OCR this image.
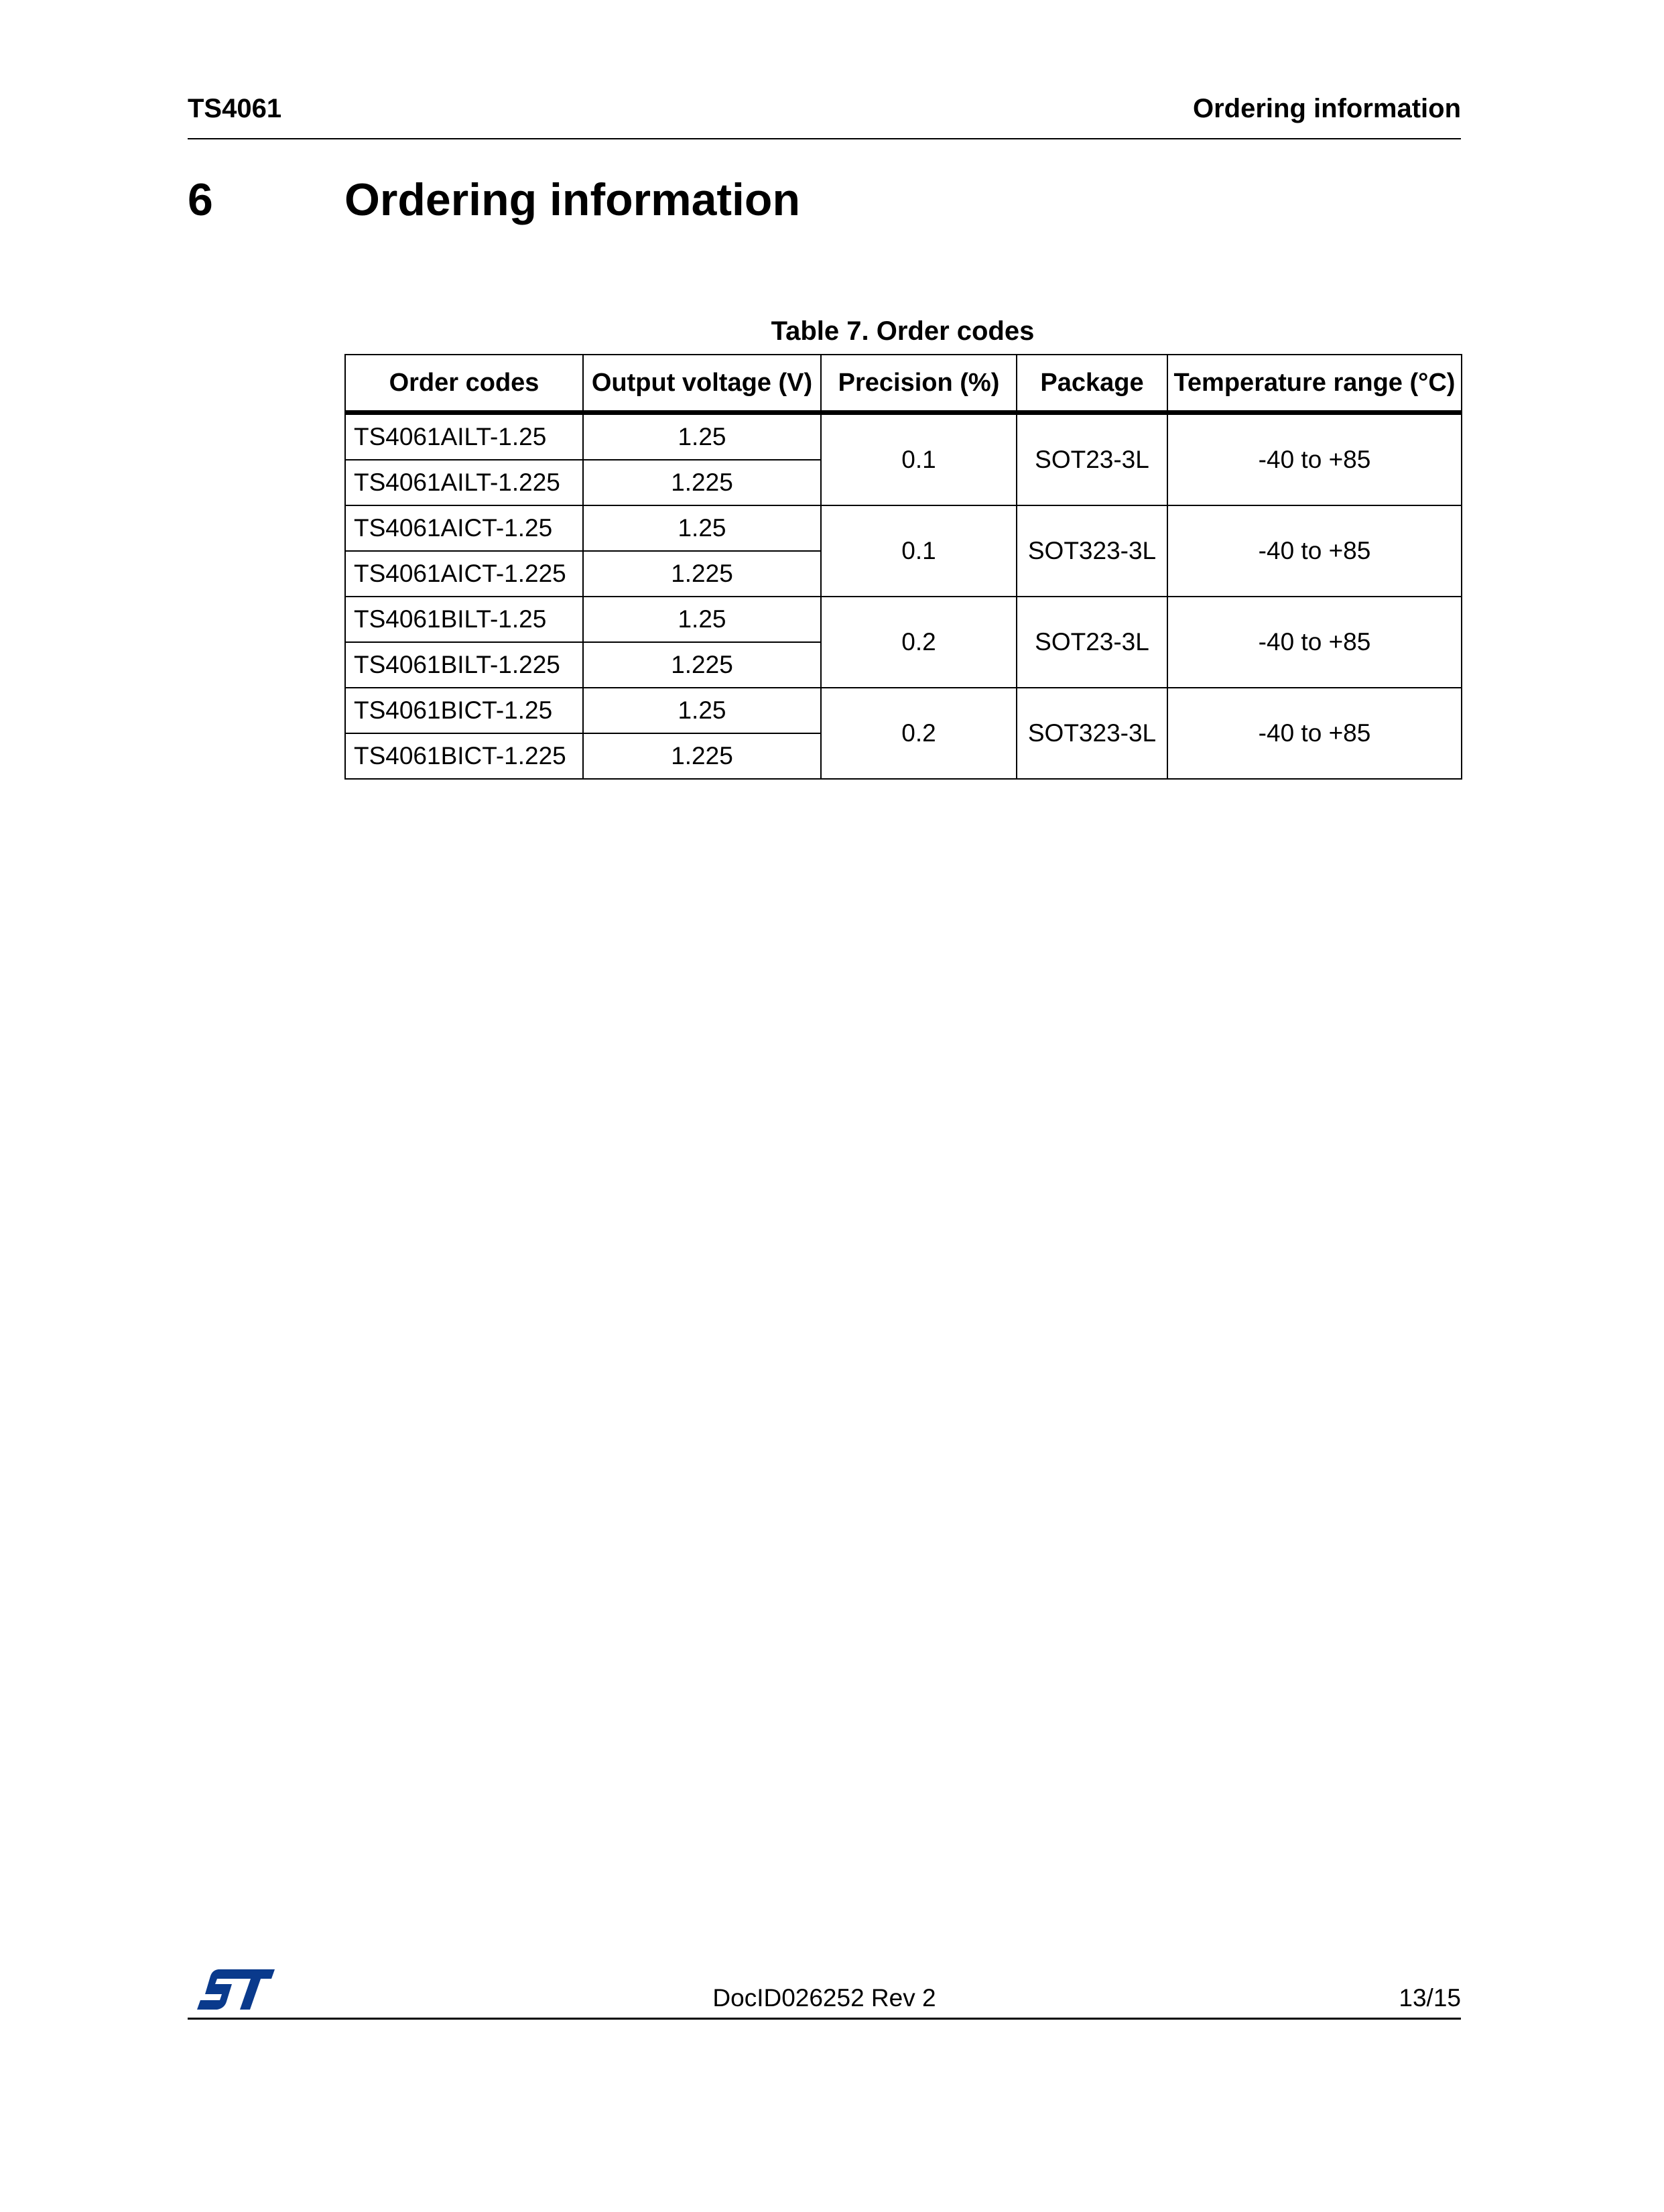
TS4061	Ordering information
6	Ordering information
Table 7. Order codes
Order codes	Output voltage (V)	Precision (%)	Package	Temperature range (°C)
TS4061AILT-1.25	1.25	0.1	SOT23-3L	-40 to +85
TS4061AILT-1.225	1.225			
TS4061AICT-1.25	1.25	0.1	SOT323-3L	-40 to +85
TS4061AICT-1.225	1.225			
TS4061BILT-1.25	1.25	0.2	SOT23-3L	-40 to +85
TS4061BILT-1.225	1.225			
TS4061BICT-1.25	1.25	0.2	SOT323-3L	-40 to +85
TS4061BICT-1.225	1.225			
DocID026252 Rev 2	13/15
